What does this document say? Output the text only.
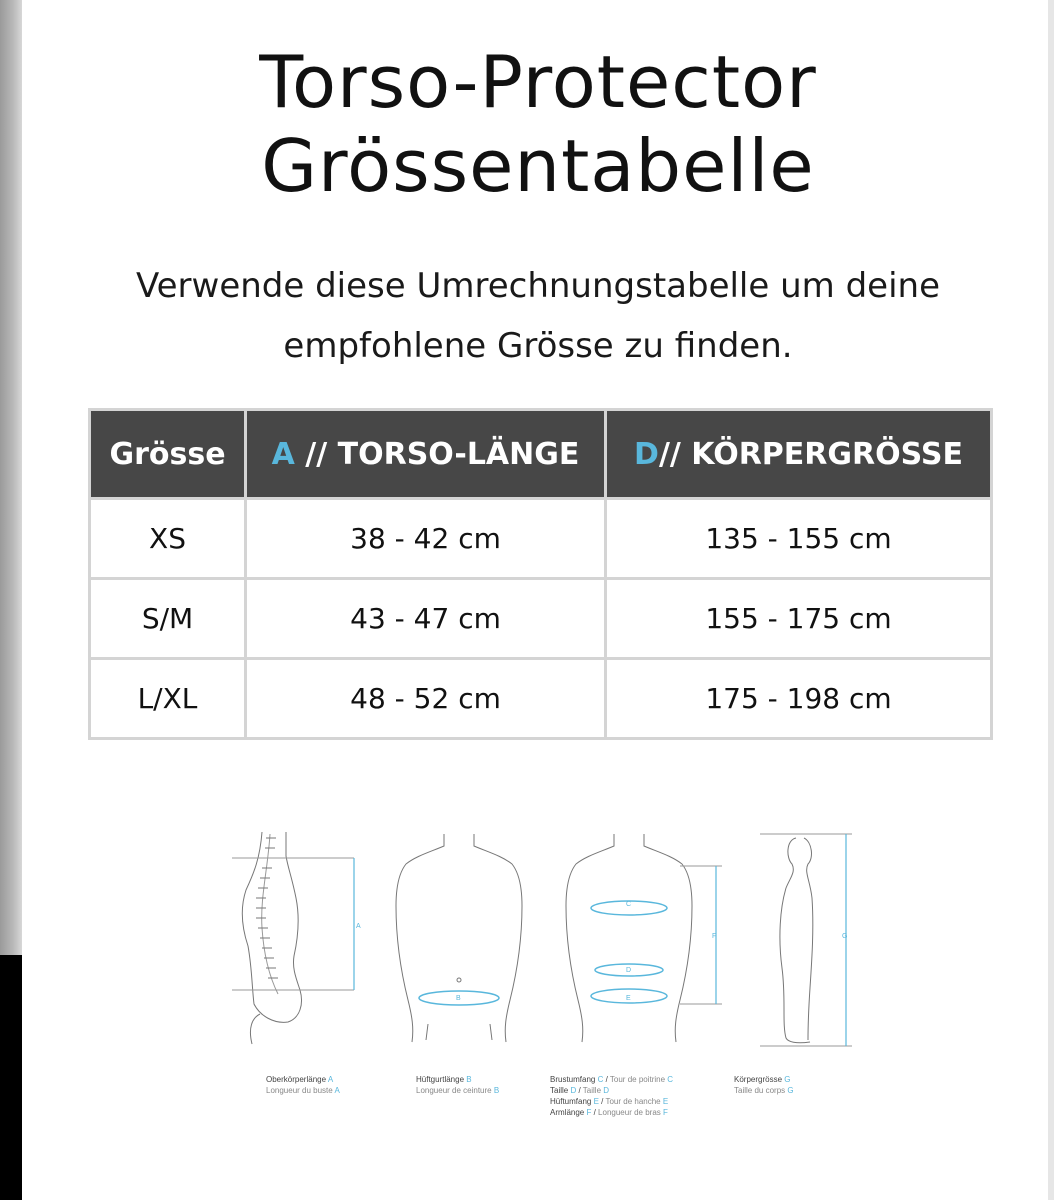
Torso-Protector
Grössentabelle
Verwende diese Umrechnungstabelle um deine
empfohlene Grösse zu finden.
Grösse	A // TORSO-LÄNGE	D// KÖRPERGRÖSSE
XS	38 - 42 cm	135 - 155 cm
S/M	43 - 47 cm	155 - 175 cm
L/XL	48 - 52 cm	175 - 198 cm
A
B
C
D
E
F	G
Oberkörperlänge A
Longueur du buste A
Hüftgurtlänge B
Longueur de ceinture B
Brustumfang C / Tour de poitrine C
Taille D / Taille D
Hüftumfang E / Tour de hanche E
Armlänge F / Longueur de bras F
Körpergrösse G
Taille du corps G
